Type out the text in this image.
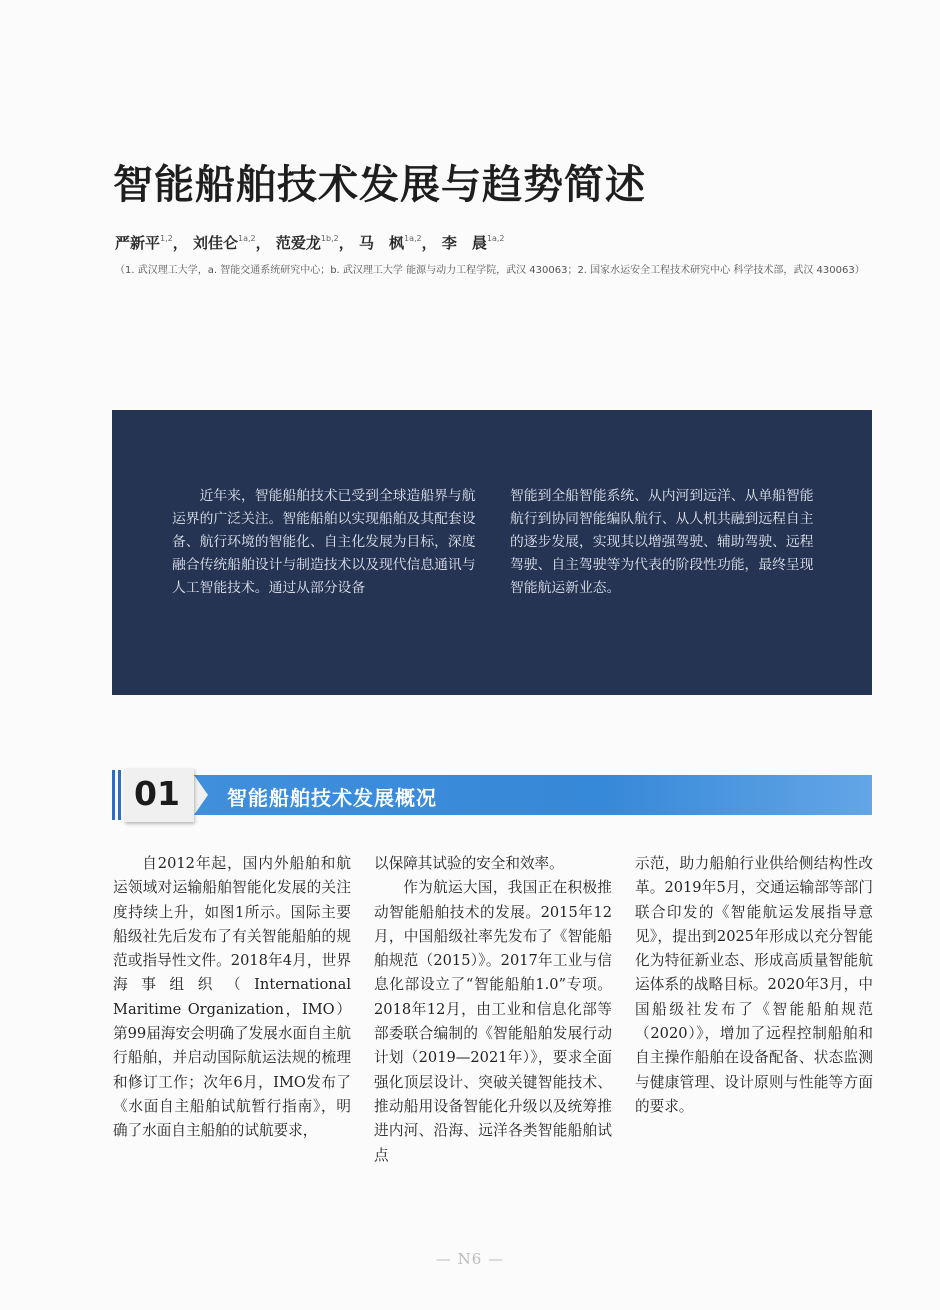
智能船舶技术发展与趋势简述
严新平$^{1,2}$， 刘佳仑$^{1a,2}$， 范爱龙$^{1b,2}$， 马　枫$^{1a,2}$， 李　晨$^{1a,2}$
（1. 武汉理工大学，a. 智能交通系统研究中心；b. 武汉理工大学 能源与动力工程学院，武汉 430063；2. 国家水运安全工程技术研究中心 科学技术部，武汉 430063）
近年来，智能船舶技术已受到全球造船界与航运界的广泛关注。智能船舶以实现船舶及其配套设备、航行环境的智能化、自主化发展为目标，深度融合传统船舶设计与制造技术以及现代信息通讯与人工智能技术。通过从部分设备
智能到全船智能系统、从内河到远洋、从单船智能航行到协同智能编队航行、从人机共融到远程自主的逐步发展，实现其以增强驾驶、辅助驾驶、远程驾驶、自主驾驶等为代表的阶段性功能，最终呈现智能航运新业态。
01 智能船舶技术发展概况

自2012年起，国内外船舶和航运领域对运输船舶智能化发展的关注度持续上升，如图1所示。国际主要船级社先后发布了有关智能船舶的规范或指导性文件。2018年4月，世界海事组织（International Maritime Organization，IMO）第99届海安会明确了发展水面自主航行船舶，并启动国际航运法规的梳理和修订工作；次年6月，IMO发布了《水面自主船舶试航暂行指南》，明确了水面自主船舶的试航要求，

以保障其试验的安全和效率。

作为航运大国，我国正在积极推动智能船舶技术的发展。2015年12月，中国船级社率先发布了《智能船舶规范（2015）》。2017年工业与信息化部设立了“智能船舶1.0”专项。2018年12月，由工业和信息化部等部委联合编制的《智能船舶发展行动计划（2019—2021年）》，要求全面强化顶层设计、突破关键智能技术、推动船用设备智能化升级以及统筹推进内河、沿海、远洋各类智能船舶试点

示范，助力船舶行业供给侧结构性改革。2019年5月，交通运输部等部门联合印发的《智能航运发展指导意见》，提出到2025年形成以充分智能化为特征新业态、形成高质量智能航运体系的战略目标。2020年3月，中国船级社发布了《智能船舶规范（2020）》，增加了远程控制船舶和自主操作船舶在设备配备、状态监测与健康管理、设计原则与性能等方面的要求。

— N6 —
